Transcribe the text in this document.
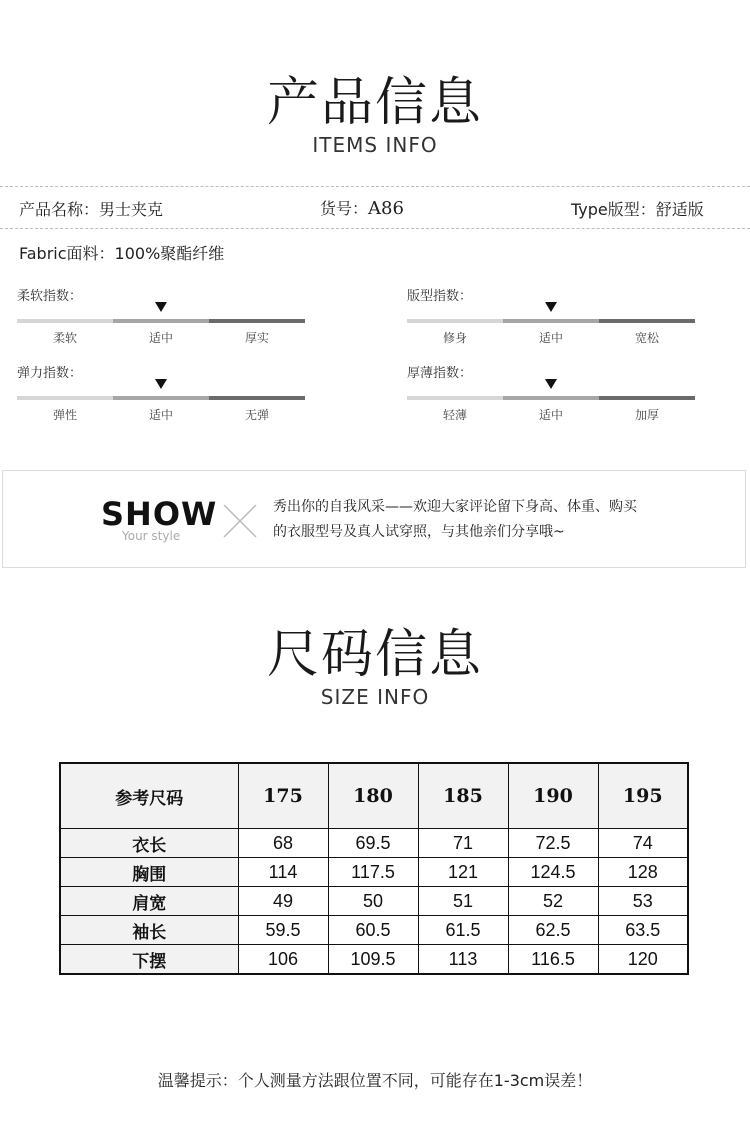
产品信息
ITEMS INFO
产品名称：男士夹克	货号：A86	Type版型：舒适版
Fabric面料：100%聚酯纤维
柔软指数：
柔软	适中	厚实
版型指数：
修身	适中	宽松
弹力指数：
弹性	适中	无弹
厚薄指数：
轻薄	适中	加厚
SHOW
Your style
秀出你的自我风采——欢迎大家评论留下身高、体重、购买
的衣服型号及真人试穿照，与其他亲们分享哦~
尺码信息
SIZE INFO
参考尺码	175	180	185	190	195
衣长	68	69.5	71	72.5	74
胸围	114	117.5	121	124.5	128
肩宽	49	50	51	52	53
袖长	59.5	60.5	61.5	62.5	63.5
下摆	106	109.5	113	116.5	120
温馨提示：个人测量方法跟位置不同，可能存在1-3cm误差！
